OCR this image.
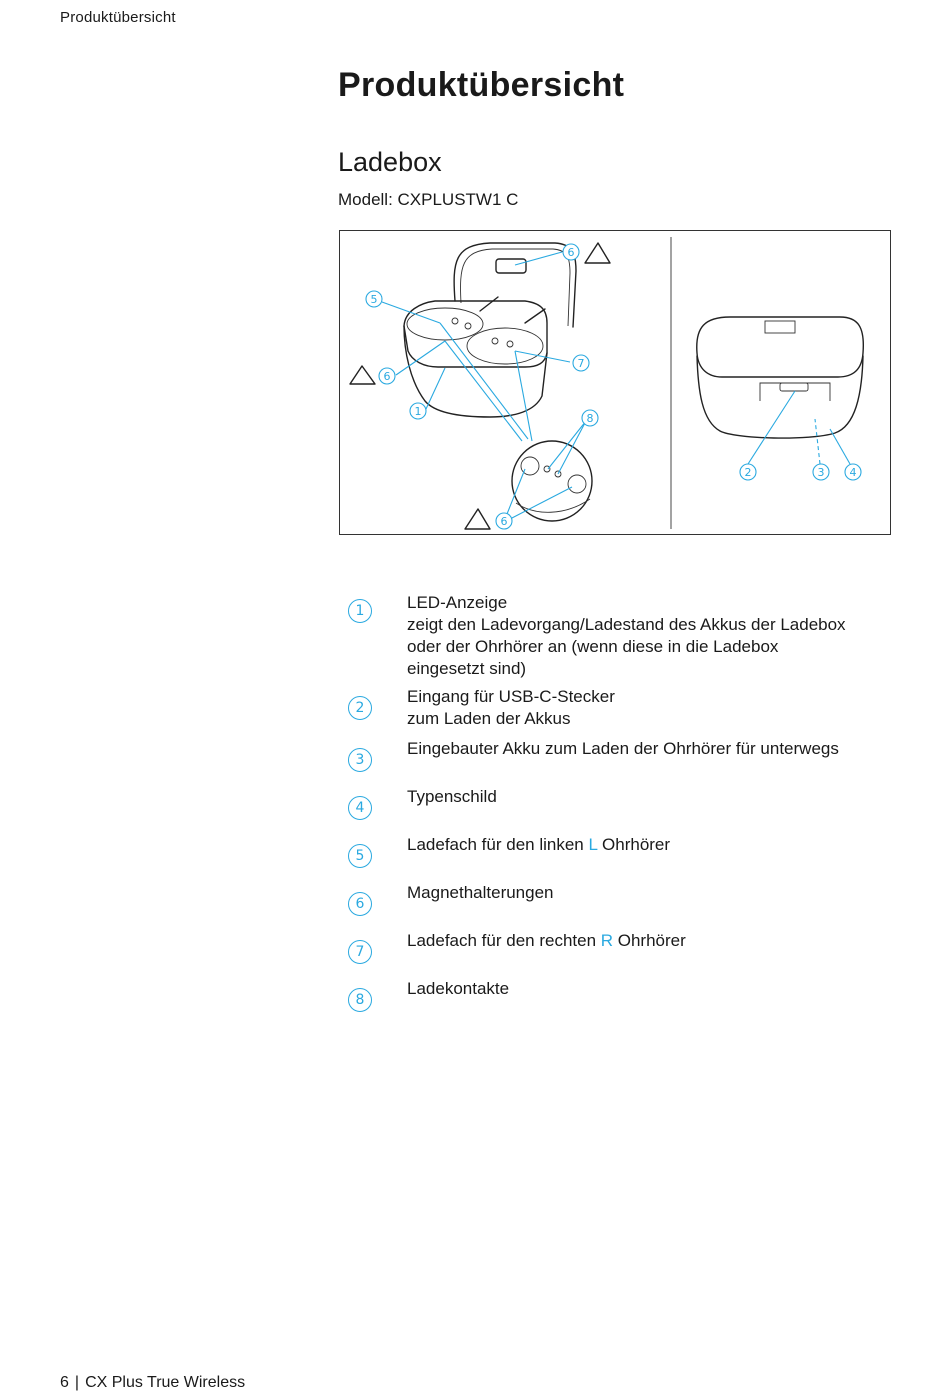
Produktübersicht
Produktübersicht
Ladebox
Modell: CXPLUSTW1 C
6
5
6
7
1
8
6
2	3 4
1	LED-Anzeige
zeigt den Ladevorgang/Ladestand des Akkus der Ladebox
oder der Ohrhörer an (wenn diese in die Ladebox
eingesetzt sind)
2
Eingang für USB-C-Stecker
zum Laden der Akkus
3
Eingebauter Akku zum Laden der Ohrhörer für unterwegs
4
Typenschild
5
Ladefach für den linken L Ohrhörer
6
Magnethalterungen
7
Ladefach für den rechten R Ohrhörer
8
Ladekontakte
6 | CX Plus True Wireless
